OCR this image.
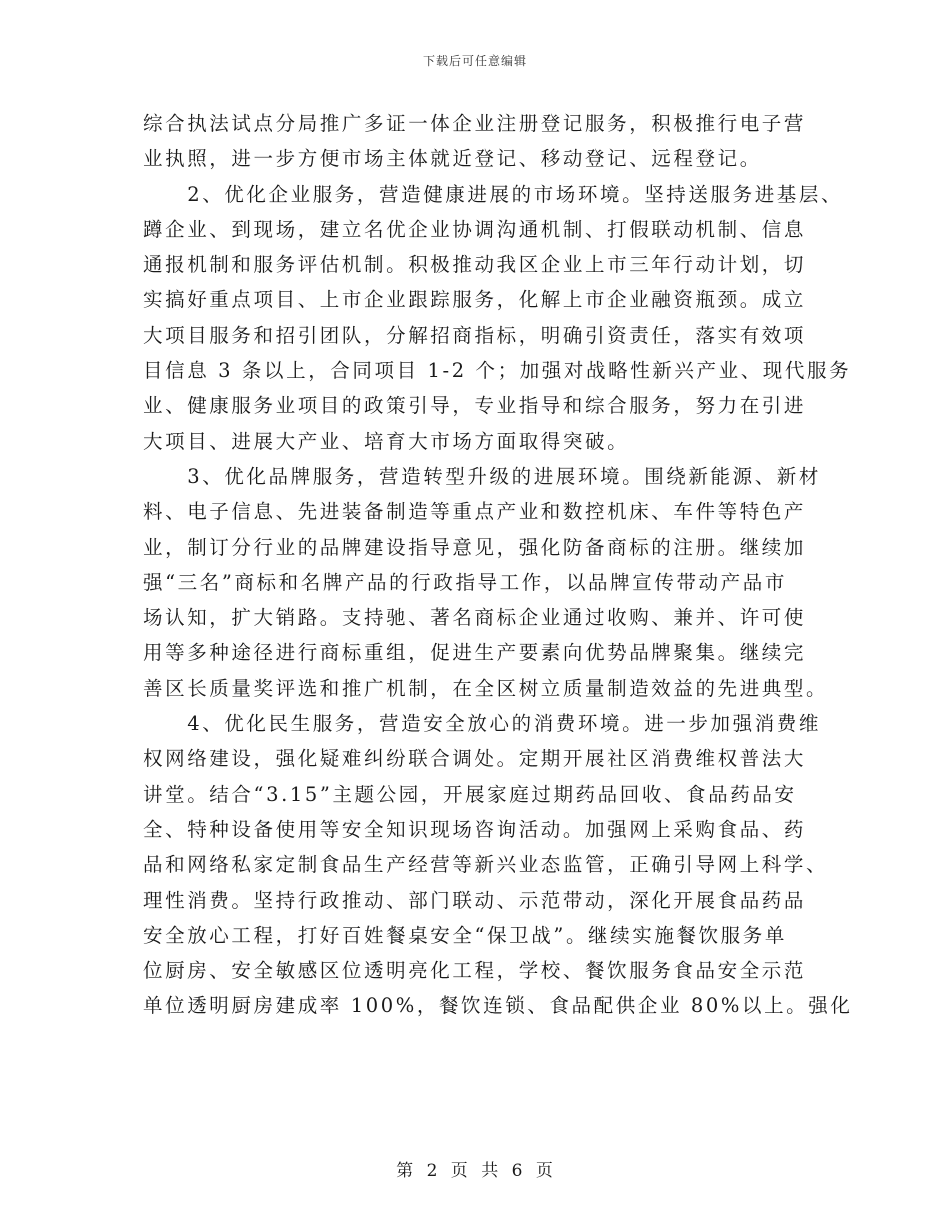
下载后可任意编辑
综合执法试点分局推广多证一体企业注册登记服务，积极推行电子营
业执照，进一步方便市场主体就近登记、移动登记、远程登记。
　　2、优化企业服务，营造健康进展的市场环境。坚持送服务进基层、
蹲企业、到现场，建立名优企业协调沟通机制、打假联动机制、信息
通报机制和服务评估机制。积极推动我区企业上市三年行动计划，切
实搞好重点项目、上市企业跟踪服务，化解上市企业融资瓶颈。成立
大项目服务和招引团队，分解招商指标，明确引资责任，落实有效项
目信息 3 条以上，合同项目 1-2 个；加强对战略性新兴产业、现代服务
业、健康服务业项目的政策引导，专业指导和综合服务，努力在引进
大项目、进展大产业、培育大市场方面取得突破。
　　3、优化品牌服务，营造转型升级的进展环境。围绕新能源、新材
料、电子信息、先进装备制造等重点产业和数控机床、车件等特色产
业，制订分行业的品牌建设指导意见，强化防备商标的注册。继续加
强“三名”商标和名牌产品的行政指导工作，以品牌宣传带动产品市
场认知，扩大销路。支持驰、著名商标企业通过收购、兼并、许可使
用等多种途径进行商标重组，促进生产要素向优势品牌聚集。继续完
善区长质量奖评选和推广机制，在全区树立质量制造效益的先进典型。
　　4、优化民生服务，营造安全放心的消费环境。进一步加强消费维
权网络建设，强化疑难纠纷联合调处。定期开展社区消费维权普法大
讲堂。结合“3.15”主题公园，开展家庭过期药品回收、食品药品安
全、特种设备使用等安全知识现场咨询活动。加强网上采购食品、药
品和网络私家定制食品生产经营等新兴业态监管，正确引导网上科学、
理性消费。坚持行政推动、部门联动、示范带动，深化开展食品药品
安全放心工程，打好百姓餐桌安全“保卫战”。继续实施餐饮服务单
位厨房、安全敏感区位透明亮化工程，学校、餐饮服务食品安全示范
单位透明厨房建成率 100%，餐饮连锁、食品配供企业 80%以上。强化
第 2 页 共 6 页
